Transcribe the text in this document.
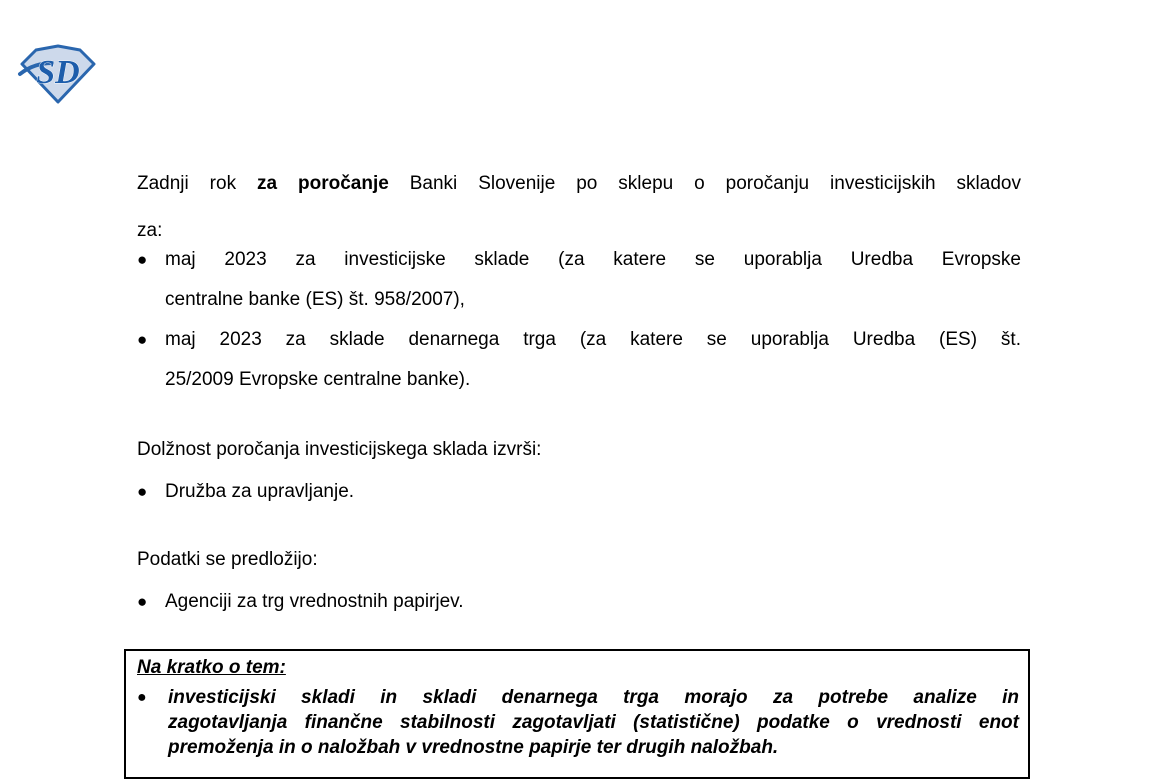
SD
Zadnji rok za poročanje Banki Slovenije po sklepu o poročanju investicijskih skladov
za:
● maj 2023 za investicijske sklade (za katere se uporablja Uredba Evropske
centralne banke (ES) št. 958/2007),
● maj 2023 za sklade denarnega trga (za katere se uporablja Uredba (ES) št.
25/2009 Evropske centralne banke).
Dolžnost poročanja investicijskega sklada izvrši:
● Družba za upravljanje.
Podatki se predložijo:
● Agenciji za trg vrednostnih papirjev.
Na kratko o tem:
●	investicijski skladi in skladi denarnega trga morajo za potrebe analize in
zagotavljanja finančne stabilnosti zagotavljati (statistične) podatke o vrednosti enot
premoženja in o naložbah v vrednostne papirje ter drugih naložbah.
